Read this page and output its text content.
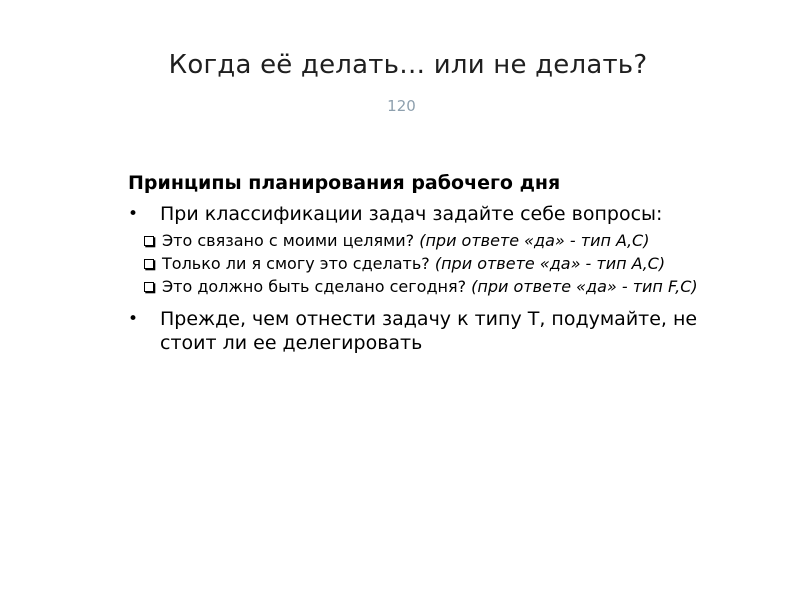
Когда её делать… или не делать?
120
Принципы планирования рабочего дня
• При классификации задач задайте себе вопросы:
Это связано с моими целями? (при ответе «да» - тип А,С)
Только ли я смогу это сделать? (при ответе «да» - тип А,С)
Это должно быть сделано сегодня? (при ответе «да» - тип F,C)
• Прежде, чем отнести задачу к типу Т, подумайте, не стоит ли ее делегировать
